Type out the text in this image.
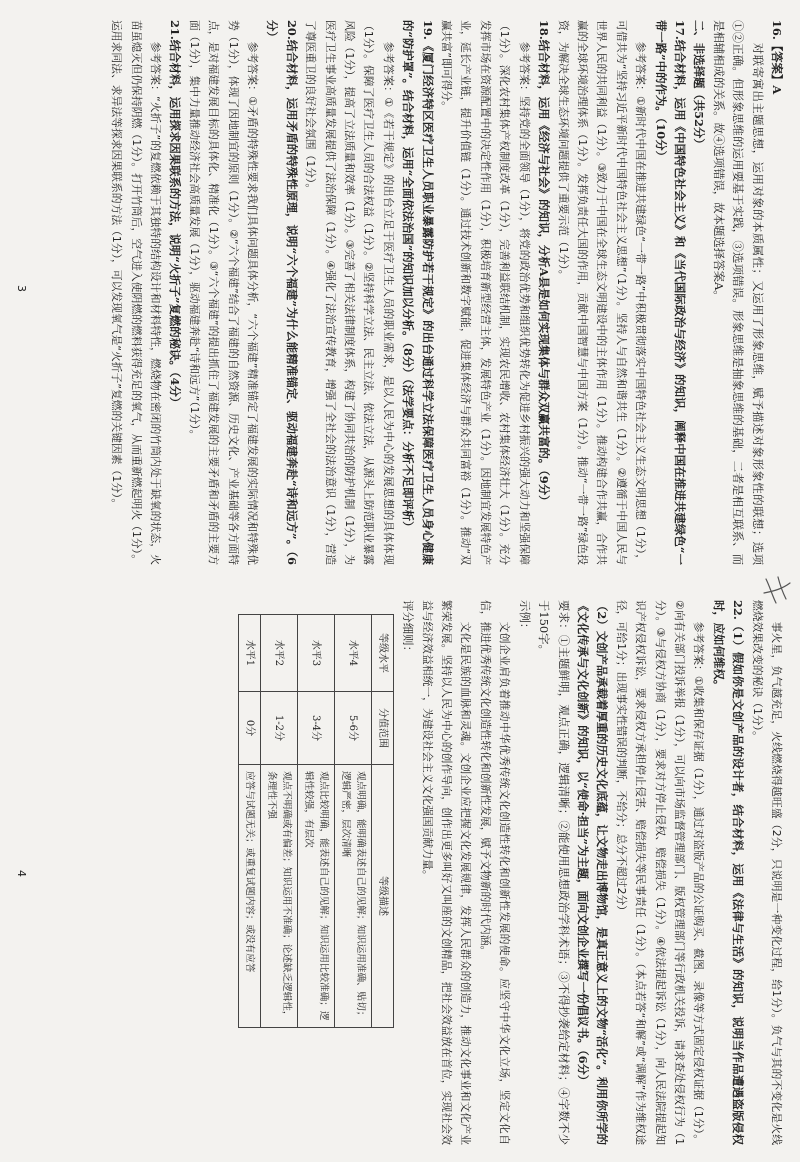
16.【答案】A

对联寄寓出主题思想，运用对象的本质属性；又运用了形象思维，赋予描述对象形象性的联想；选项①②正确。但形象思维的运用要基于实践，③选项错误。形象思维是抽象思维的基础，二者是相互联系、而是相辅相成的关系。故④选项错误，故本题选择答案A。

二、非选择题（共52分）

17.结合材料，运用《中国特色社会主义》和《当代国际政治与经济》的知识，阐释中国在推进共建绿色“一带一路”中的作为。（10分）

参考答案：①新时代中国在推进共建绿色“一带一路”中积极贯彻落实中国特色社会主义生态文明思想（1分），可借共为“坚持习近平新时代中国特色社会主义思想”（1分）。坚持人与自然和谐共生（1分）。②遵循于中国人民与世界人民的共同利益（1分）。③致力于中国在全球生态文明建设中的主体作用（1分）。推动构建合作共赢，合作共赢的全球环境治理体系（1分）。发挥负责任大国的作用，贡献中国智慧与中国方案（1分）。推动“一带一路”绿色投资，为解决全球生态环境问题提供了重要示范（1分）。

18.结合材料，运用《经济与社会》的知识，分析A县是如何实现集体与群众双赢共富的。（9分）

参考答案：坚持党的全面领导（1分），将党的政治优势和组织优势转化为促进乡村振兴的强大动力和坚强保障（1分）。深化农村集体产权制度改革（1分），完善利益联结机制，实现农民增收、农村集体经济壮大（1分）。充分发挥市场在资源配置中的决定性作用（1分），积极培育新型经营主体，发展特色产业（1分）。因地制宜发展特色产业，延长产业链，提升价值链（1分）。通过技术创新和数字赋能，促进集体经济与群众共同富裕（1分）。推动“双赢共富”即可得分。

19.《厦门经济特区医疗卫生人员职业暴露防护若干规定》的出台通过科学立法保障医疗卫生人员身心健康的“防护罩”。结合材料，运用“全面依法治国”的知识加以分析。（8分）（法学要点：分析不足即评析）

参考答案：①《若干规定》的出台立足于医疗卫生人员的职业需求，是以人民为中心的发展思想的具体体现（1分）。保障了医疗卫生人员的合法权益（1分）。②坚持科学立法、民主立法、依法立法，从源头上防范职业暴露风险（1分），提高了立法质量和效率（1分）。③完善了相关法律制度体系，构建了协同共治的防护机制（1分），为医疗卫生事业高质量发展提供了法治保障（1分）。④强化了法治宣传教育，增强了全社会的法治意识（1分），营造了尊医重卫的良好社会氛围（1分）。

20.结合材料，运用矛盾的特殊性原理，说明“六个福建”为什么能精准锚定、驱动福建奔赴“诗和远方”。（6分）

参考答案：①矛盾的特殊性要求我们具体问题具体分析，“六个福建”精准锚定了福建发展的实际情况和特殊优势（1分），体现了因地制宜的原则（1分）。②“六个福建”结合了福建的自然资源、历史文化、产业基础等各方面特点，是对福建发展目标的具体化、精准化（1分）。③“六个福建”的提出抓住了福建发展的主要矛盾和矛盾的主要方面（1分），集中力量推动经济社会高质量发展（1分），驱动福建奔赴“诗和远方”（1分）。

21.结合材料，运用探求因果联系的方法，说明“火折子”复燃的秘诀。（4分）

参考答案：“火折子”的复燃依赖于其独特的结构设计和材料特性，燃烧物在密闭的竹筒内处于缺氧的状态，火苗虽熄灭但仍保持阴燃（1分）。打开竹筒后，空气进入使阴燃的燃料获得充足的氧气，从而重新燃起明火（1分）。运用求同法、求异法等探求因果联系的方法（1分），可以发现氧气是“火折子”复燃的关键因素（1分）。

事火星，负气越充足，火线燃烧得越旺盛（2分，只说明是一种变化过程，给1分）。负气与其的不变化是火线燃烧效果改变的秘诀（1分）。

22.（1）假如你是文创产品的设计者，结合材料，运用《法律与生活》的知识，说明当作品遭遇盗版侵权时，应如何维权。

参考答案：①收集和保存证据（1分），通过对盗版产品的公证购买、截图、录像等方式固定侵权证据（1分）。②向有关部门投诉举报（1分），可以向市场监督管理部门、版权管理部门等行政机关投诉，请求查处侵权行为（1分）。③与侵权方协商（1分），要求对方停止侵权、赔偿损失（1分）。④依法提起诉讼（1分），向人民法院提起知识产权侵权诉讼，要求侵权方承担停止侵害、赔偿损失等民事责任（1分）。（本点若答“和解”或“调解”作为维权途径，可给1分；出现事实性错误的判断，不给分；总分不超过2分）

（2）文创产品承载着厚重的历史文化底蕴，让文物走出博物馆，是真正意义上的文物“活化”。利用你所学的《文化传承与文化创新》的知识，以“使命·担当”为主题，面向文创企业撰写一份倡议书。（6分）

要求：①主题鲜明，观点正确，逻辑清晰；②能使用思想政治学科术语；③不得抄袭给定材料；④字数不少于150字。

示例：

文创企业肩负着推动中华优秀传统文化创造性转化和创新性发展的使命。应坚守中华文化立场，坚定文化自信，推进优秀传统文化创造性转化和创新性发展，赋予文物新的时代内涵。

文化是民族的血脉和灵魂。文创企业应把握文化发展规律，发挥人民群众的创造力，推动文化事业和文化产业繁荣发展。坚持以人民为中心的创作导向，创作出更多叫好又叫座的文创精品，把社会效益放在首位，实现社会效益与经济效益相统一，为建设社会主义文化强国贡献力量。

评分细则：

等级水平	分值范围	等级描述
水平4	5-6分	观点明确，能明确表述自己的见解；知识运用准确、贴切；逻辑严密，层次清晰
水平3	3-4分	观点比较明确，能表述自己的见解；知识运用比较准确；逻辑性较强，有层次
水平2	1-2分	观点不明确或有偏差；知识运用不准确；论述缺乏逻辑性，条理性不强
水平1	0分	应答与试题无关；或重复试题内容；或没有应答
3
4
